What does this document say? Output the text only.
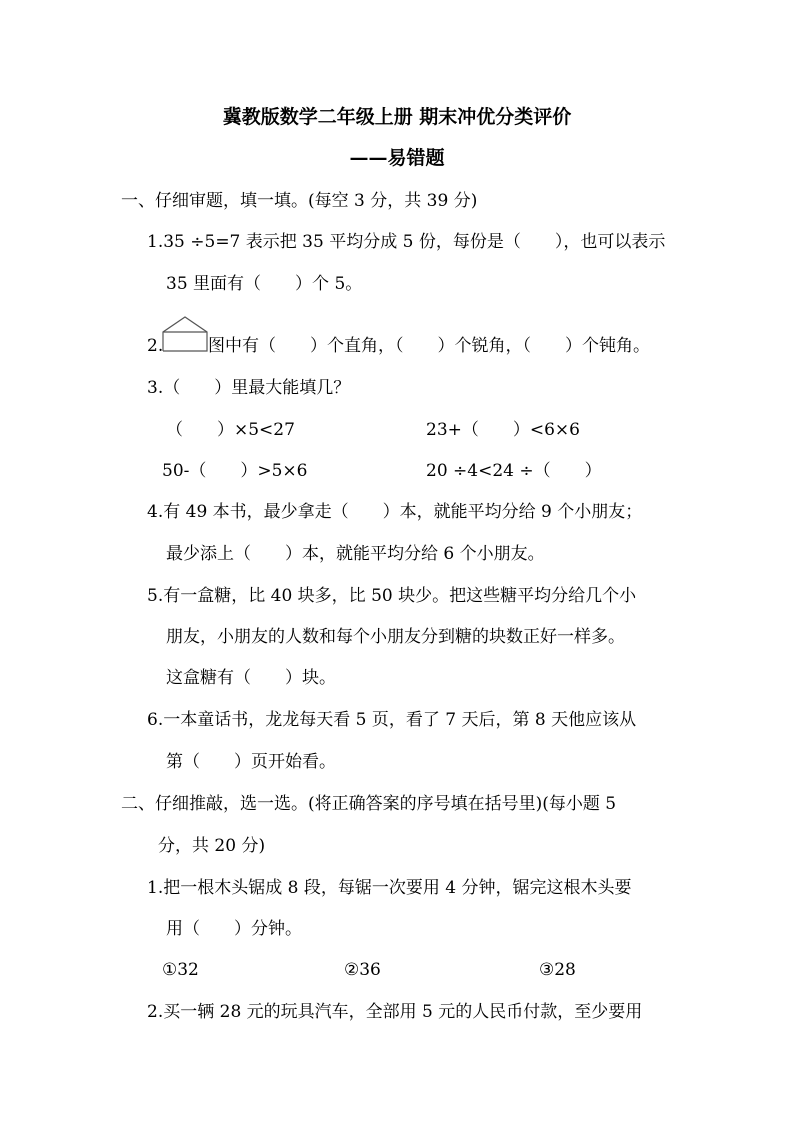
冀教版数学二年级上册 期末冲优分类评价
——易错题
一、仔细审题，填一填。(每空 3 分，共 39 分)
1.35 ÷5=7 表示把 35 平均分成 5 份，每份是（　　），也可以表示
35 里面有（　　）个 5。
2.	图中有（　　）个直角，（　　）个锐角，（　　）个钝角。
3.（　　）里最大能填几？
（　　）×5<27	23+（　　）<6×6
50-（　　）>5×6	20 ÷4<24 ÷（　　）
4.有 49 本书，最少拿走（　　）本，就能平均分给 9 个小朋友；
最少添上（　　）本，就能平均分给 6 个小朋友。
5.有一盒糖，比 40 块多，比 50 块少。把这些糖平均分给几个小
朋友，小朋友的人数和每个小朋友分到糖的块数正好一样多。
这盒糖有（　　）块。
6.一本童话书，龙龙每天看 5 页，看了 7 天后，第 8 天他应该从
第（　　）页开始看。
二、仔细推敲，选一选。(将正确答案的序号填在括号里)(每小题 5
分，共 20 分)
1.把一根木头锯成 8 段，每锯一次要用 4 分钟，锯完这根木头要
用（　　）分钟。
①32	②36	③28
2.买一辆 28 元的玩具汽车，全部用 5 元的人民币付款，至少要用
